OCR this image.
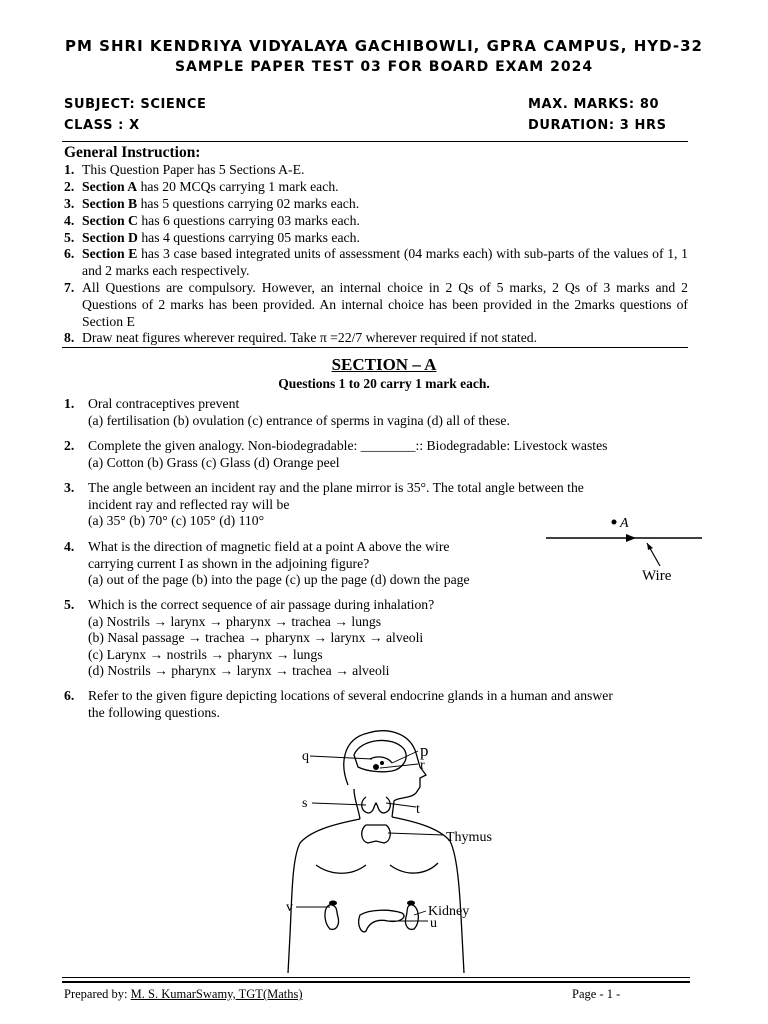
PM SHRI KENDRIYA VIDYALAYA GACHIBOWLI, GPRA CAMPUS, HYD-32
SAMPLE PAPER TEST 03 FOR BOARD EXAM 2024
SUBJECT: SCIENCE	MAX. MARKS: 80
CLASS : X	DURATION: 3 HRS
General Instruction:
1. This Question Paper has 5 Sections A-E.
2. Section A has 20 MCQs carrying 1 mark each.
3. Section B has 5 questions carrying 02 marks each.
4. Section C has 6 questions carrying 03 marks each.
5. Section D has 4 questions carrying 05 marks each.
6. Section E has 3 case based integrated units of assessment (04 marks each) with sub-parts of the values of 1, 1 and 2 marks each respectively.
7. All Questions are compulsory. However, an internal choice in 2 Qs of 5 marks, 2 Qs of 3 marks and 2 Questions of 2 marks has been provided. An internal choice has been provided in the 2marks questions of Section E
8. Draw neat figures wherever required. Take π =22/7 wherever required if not stated.
SECTION – A
Questions 1 to 20 carry 1 mark each.
1. Oral contraceptives prevent
(a) fertilisation (b) ovulation (c) entrance of sperms in vagina (d) all of these.
2. Complete the given analogy. Non-biodegradable: ________:: Biodegradable: Livestock wastes
(a) Cotton (b) Grass (c) Glass (d) Orange peel
3. The angle between an incident ray and the plane mirror is 35°. The total angle between the
incident ray and reflected ray will be
(a) 35° (b) 70° (c) 105° (d) 110°	A
Wire
4. What is the direction of magnetic field at a point A above the wire
carrying current I as shown in the adjoining figure?
(a) out of the page (b) into the page (c) up the page (d) down the page
5. Which is the correct sequence of air passage during inhalation?
(a) Nostrils → larynx → pharynx → trachea → lungs
(b) Nasal passage → trachea → pharynx → larynx → alveoli
(c) Larynx → nostrils → pharynx → lungs
(d) Nostrils → pharynx → larynx → trachea → alveoli
6. Refer to the given figure depicting locations of several endocrine glands in a human and answer
the following questions.
q	p
r
s	t
Thymus
v	Kidney
u
Prepared by: M. S. KumarSwamy, TGT(Maths)	Page - 1 -
